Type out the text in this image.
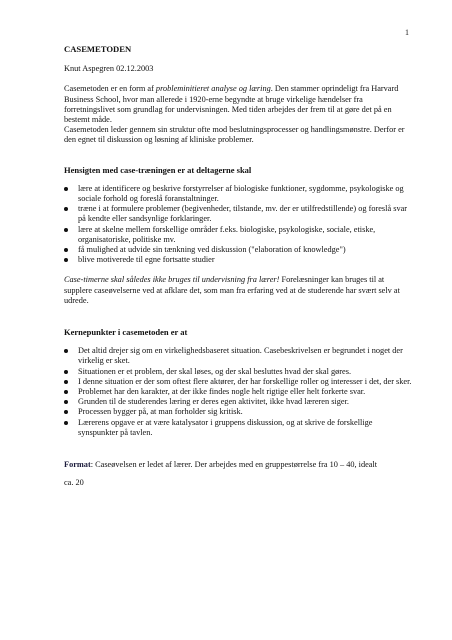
1

CASEMETODEN

Knut Aspegren 02.12.2003

Casemetoden er en form af probleminitieret analyse og læring. Den stammer oprindeligt fra Harvard Business School, hvor man allerede i 1920-erne begyndte at bruge virkelige hændelser fra forretningslivet som grundlag for undervisningen. Med tiden arbejdes der frem til at gøre det på en bestemt måde.

Casemetoden leder gennem sin struktur ofte mod beslutningsprocesser og handlingsmønstre. Derfor er den egnet til diskussion og løsning af kliniske problemer.

Hensigten med case-træningen er at deltagerne skal
lære at identificere og beskrive forstyrrelser af biologiske funktioner, sygdomme, psykologiske og sociale forhold og foreslå foranstaltninger.
træne i at formulere problemer (begivenheder, tilstande, mv. der er utilfredstillende) og foreslå svar på kendte eller sandsynlige forklaringer.
lære at skelne mellem forskellige områder f.eks. biologiske, psykologiske, sociale, etiske, organisatoriske, politiske mv.
få mulighed at udvide sin tænkning ved diskussion ("elaboration of knowledge")
blive motiverede til egne fortsatte studier

Case-timerne skal således ikke bruges til undervisning fra lærer! Forelæsninger kan bruges til at supplere caseøvelserne ved at afklare det, som man fra erfaring ved at de studerende har svært selv at udrede.

Kernepunkter i casemetoden er at
Det altid drejer sig om en virkelighedsbaseret situation. Casebeskrivelsen er begrundet i noget der virkelig er sket.
Situationen er et problem, der skal løses, og der skal besluttes hvad der skal gøres.
I denne situation er der som oftest flere aktører, der har forskellige roller og interesser i det, der sker.
Problemet har den karakter, at der ikke findes nogle helt rigtige eller helt forkerte svar.
Grunden til de studerendes læring er deres egen aktivitet, ikke hvad læreren siger.
Processen bygger på, at man forholder sig kritisk.
Lærerens opgave er at være katalysator i gruppens diskussion, og at skrive de forskellige synspunkter på tavlen.

Format: Caseøvelsen er ledet af lærer. Der arbejdes med en gruppestørrelse fra 10 – 40, idealt

ca. 20
